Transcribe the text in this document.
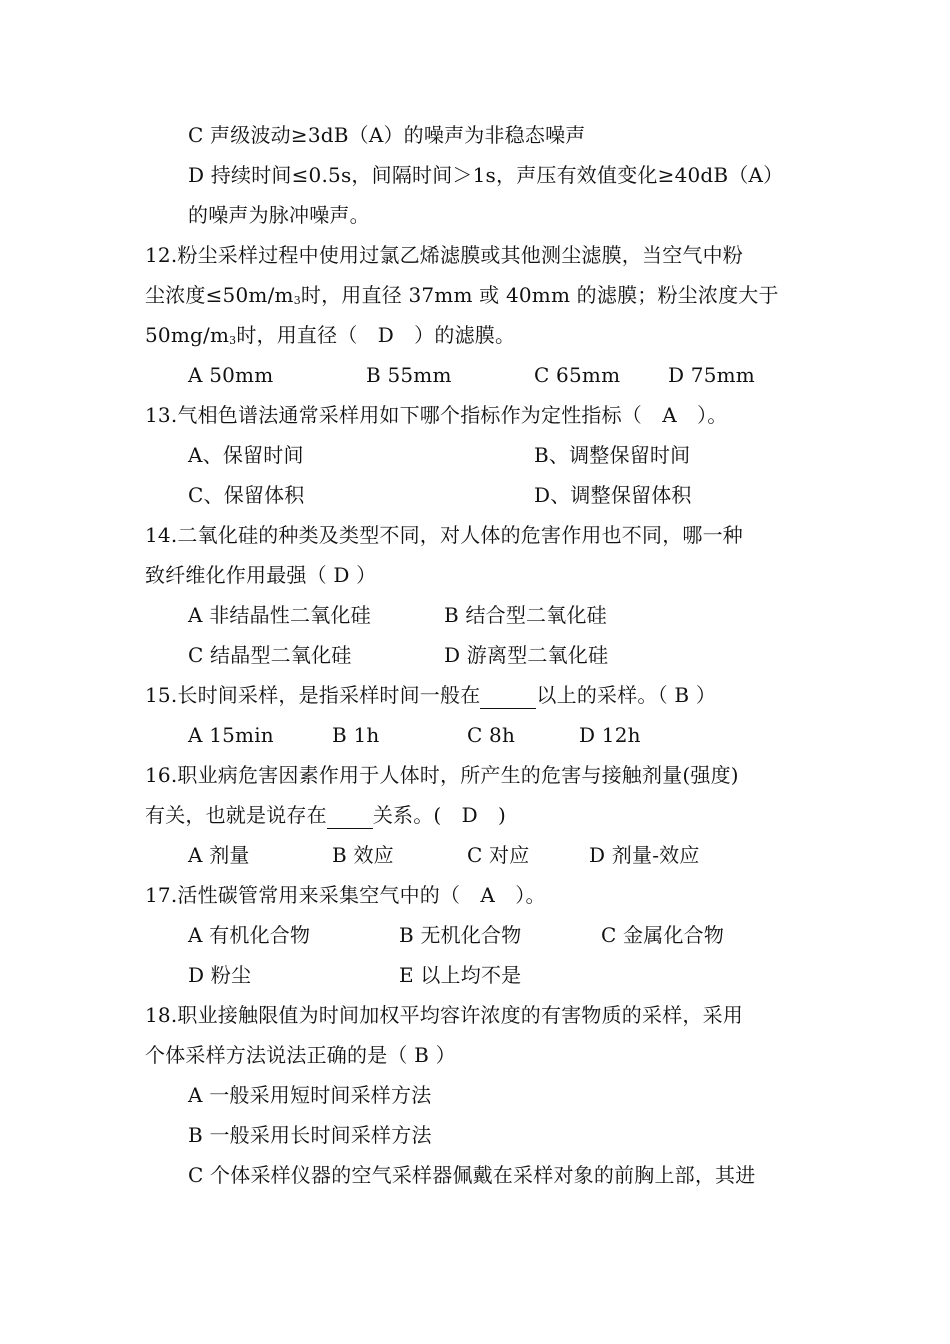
C 声级波动≥3dB（A）的噪声为非稳态噪声
D 持续时间≤0.5s，间隔时间＞1s，声压有效值变化≥40dB（A）
的噪声为脉冲噪声。
12.粉尘采样过程中使用过氯乙烯滤膜或其他测尘滤膜，当空气中粉
尘浓度≤50m/m3时，用直径 37mm 或 40mm 的滤膜；粉尘浓度大于
50mg/m3时，用直径（　D　）的滤膜。
A 50mm	B 55mm	C 65mm D 75mm
13.气相色谱法通常采样用如下哪个指标作为定性指标（　A　）。
A、保留时间	B、调整保留时间
C、保留体积	D、调整保留体积
14.二氧化硅的种类及类型不同，对人体的危害作用也不同，哪一种
致纤维化作用最强（ D ）
A 非结晶性二氧化硅	B 结合型二氧化硅
C 结晶型二氧化硅	D 游离型二氧化硅
15.长时间采样，是指采样时间一般在	以上的采样。（ B ）
A 15min	B 1h	C 8h	D 12h
16.职业病危害因素作用于人体时，所产生的危害与接触剂量(强度)
有关，也就是说存在 关系。(　D　)
A 剂量	B 效应	C 对应	D 剂量-效应
17.活性碳管常用来采集空气中的（　A　）。
A 有机化合物	B 无机化合物	C 金属化合物
D 粉尘	E 以上均不是
18.职业接触限值为时间加权平均容许浓度的有害物质的采样，采用
个体采样方法说法正确的是（ B ）
A 一般采用短时间采样方法
B 一般采用长时间采样方法
C 个体采样仪器的空气采样器佩戴在采样对象的前胸上部，其进
